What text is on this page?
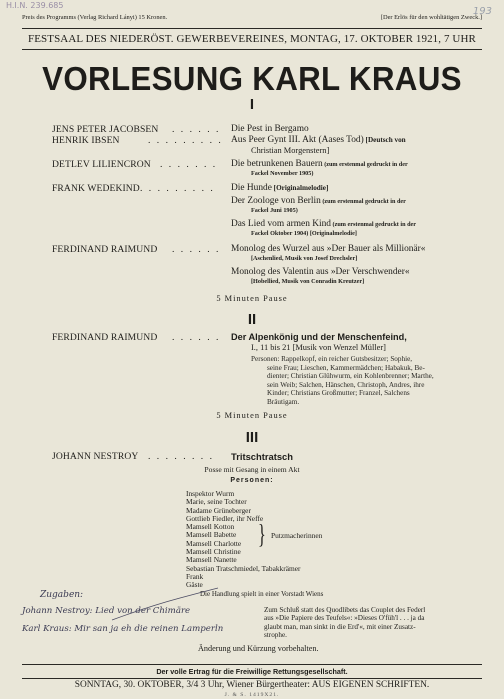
H.I.N. 239.685
193
Preis des Programms (Verlag Richard Lányi) 15 Kronen.	[Der Erlös für den wohltätigen Zweck.]
FESTSAAL DES NIEDERÖST. GEWERBEVEREINES, MONTAG, 17. OKTOBER 1921, 7 UHR
VORLESUNG KARL KRAUS
I
JENS PETER JACOBSEN . . . . . . Die Pest in Bergamo
HENRIK IBSEN	. . . . . . . . . Aus Peer Gynt III. Akt (Aases Tod) [Deutsch von
Christian Morgenstern]
DETLEV LILIENCRON . . . . . . . Die betrunkenen Bauern (zum erstenmal gedruckt in der
Fackel November 1905)
FRANK WEDEKIND . . . . . . . . . Die Hunde [Originalmelodie]
Der Zoologe von Berlin (zum erstenmal gedruckt in der
Fackel Juni 1905)
Das Lied vom armen Kind (zum erstenmal gedruckt in der
Fackel Oktober 1904) [Originalmelodie]
FERDINAND RAIMUND . . . . . . Monolog des Wurzel aus »Der Bauer als Millionär«
[Aschenlied, Musik von Josef Drechsler]
Monolog des Valentin aus »Der Verschwender«
[Hobellied, Musik von Conradin Kreutzer]
5 Minuten Pause
II
FERDINAND RAIMUND . . . . . . Der Alpenkönig und der Menschenfeind,
I., 11 bis 21 [Musik von Wenzel Müller]
Personen: Rappelkopf, ein reicher Gutsbesitzer; Sophie,
seine Frau; Lieschen, Kammermädchen; Habakuk, Be-
dienter; Christian Glühwurm, ein Kohlenbrenner; Marthe,
sein Weib; Salchen, Hänschen, Christoph, Andres, ihre
Kinder; Christians Großmutter; Franzel, Salchens
Bräutigam.
5 Minuten Pause
III
JOHANN NESTROY . . . . . . . . Tritschtratsch
Posse mit Gesang in einem Akt
Personen:
Inspektor Wurm
Marie, seine Tochter
Madame Grüneberger
Gottlieb Fiedler, ihr Neffe
Mamsell Kotton
Mamsell Babette
Mamsell Charlotte
Mamsell Christine
Mamsell Nanette
Sebastian Tratschmiedel, Tabakkrämer
Frank
Gäste
} Putzmacherinnen
Die Handlung spielt in einer Vorstadt Wiens
Zum Schluß statt des Quodlibets das Couplet des Federl
aus »Die Papiere des Teufels«: »Dieses O'füh'l . . . ja da
glaubt man, man sinkt in die Erd'«, mit einer Zusatz-
strophe.
Änderung und Kürzung vorbehalten.
Zugaben:
Johann Nestroy: Lied von der Chimäre
Karl Kraus: Mir san ja eh die reinen Lamperln
Der volle Ertrag für die Freiwillige Rettungsgesellschaft.
SONNTAG, 30. OKTOBER, 3/4 3 Uhr, Wiener Bürgertheater: AUS EIGENEN SCHRIFTEN.
J. & S. 1419X21.
